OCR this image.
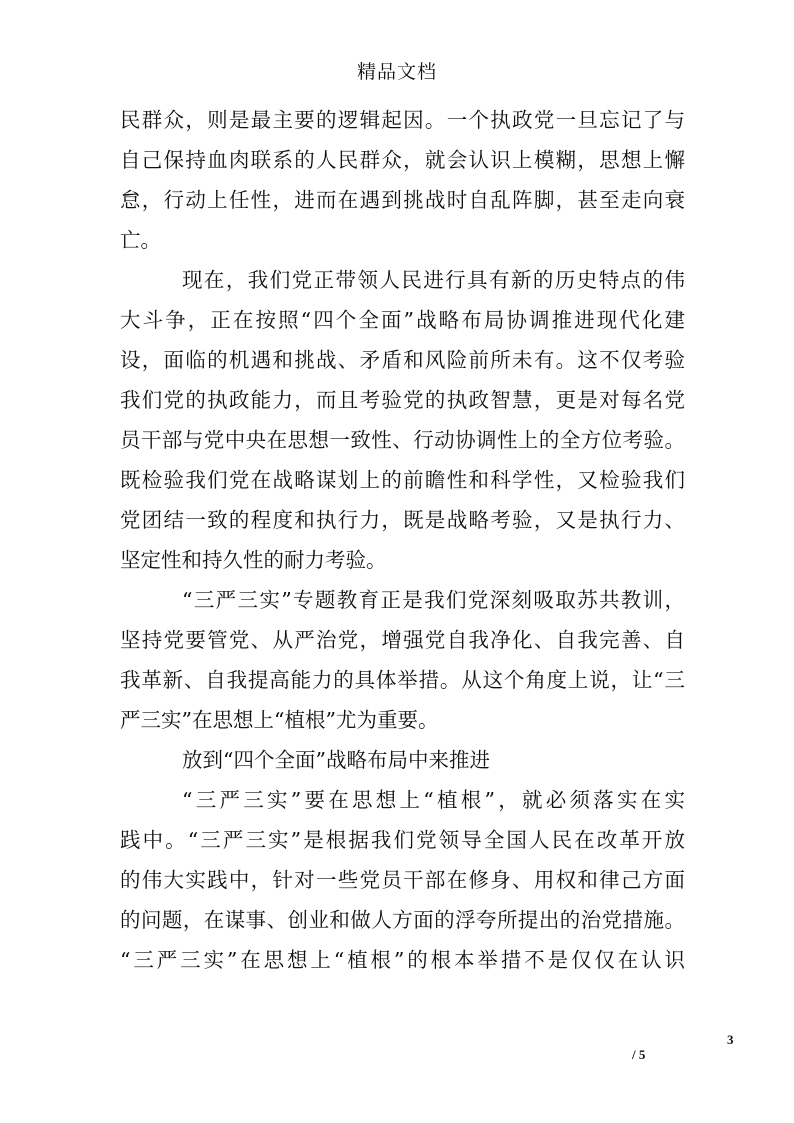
精品文档
民群众，则是最主要的逻辑起因。一个执政党一旦忘记了与
自己保持血肉联系的人民群众，就会认识上模糊，思想上懈
怠，行动上任性，进而在遇到挑战时自乱阵脚，甚至走向衰
亡。
现在，我们党正带领人民进行具有新的历史特点的伟
大斗争，正在按照“四个全面”战略布局协调推进现代化建
设，面临的机遇和挑战、矛盾和风险前所未有。这不仅考验
我们党的执政能力，而且考验党的执政智慧，更是对每名党
员干部与党中央在思想一致性、行动协调性上的全方位考验。
既检验我们党在战略谋划上的前瞻性和科学性，又检验我们
党团结一致的程度和执行力，既是战略考验，又是执行力、
坚定性和持久性的耐力考验。
“三严三实”专题教育正是我们党深刻吸取苏共教训，
坚持党要管党、从严治党，增强党自我净化、自我完善、自
我革新、自我提高能力的具体举措。从这个角度上说，让“三
严三实”在思想上“植根”尤为重要。
放到“四个全面”战略布局中来推进
“三严三实”要在思想上“植根”，就必须落实在实
践中。“三严三实”是根据我们党领导全国人民在改革开放
的伟大实践中，针对一些党员干部在修身、用权和律己方面
的问题，在谋事、创业和做人方面的浮夸所提出的治党措施。
“三严三实”在思想上“植根”的根本举措不是仅仅在认识
3
/ 5
